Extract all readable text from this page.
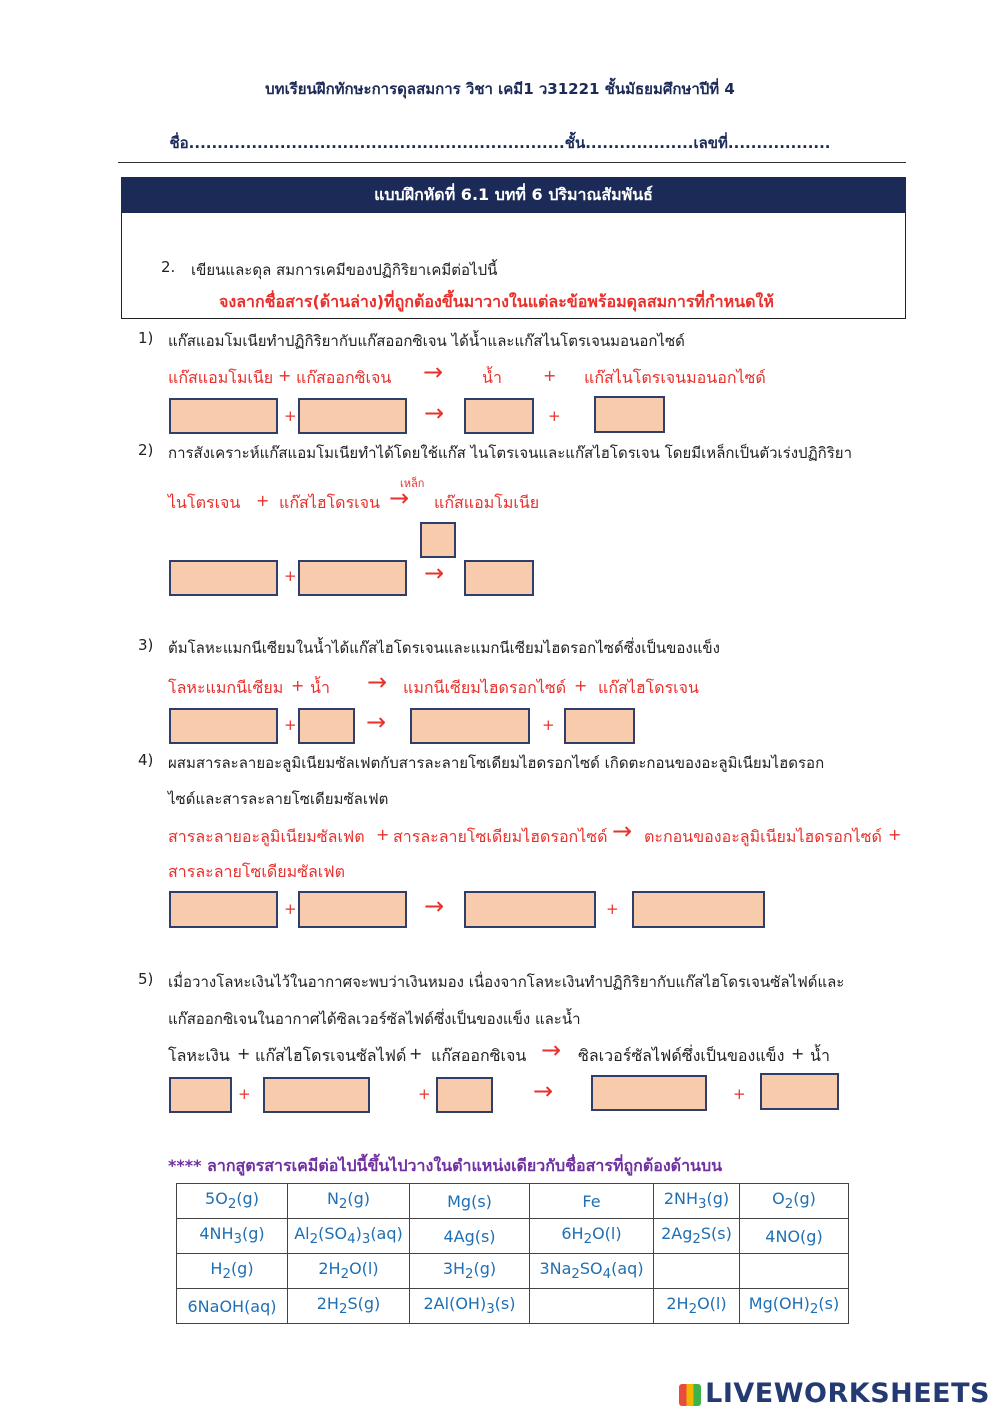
บทเรียนฝึกทักษะการดุลสมการ วิชา เคมี1 ว31221 ชั้นมัธยมศึกษาปีที่ 4
ชื่อ..................................................................ชั้น...................เลขที่..................
แบบฝึกหัดที่ 6.1 บทที่ 6 ปริมาณสัมพันธ์
2. เขียนและดุล สมการเคมีของปฏิกิริยาเคมีต่อไปนี้
จงลากชื่อสาร(ด้านล่าง)ที่ถูกต้องขึ้นมาวางในแต่ละข้อพร้อมดุลสมการที่กำหนดให้
1) แก๊สแอมโมเนียทำปฏิกิริยากับแก๊สออกซิเจน ได้น้ำและแก๊สไนโตรเจนมอนอกไซด์
แก๊สแอมโมเนีย + แก๊สออกซิเจน → น้ำ	+ แก๊สไนโตรเจนมอนอกไซด์
+	→	+
2) การสังเคราะห์แก๊สแอมโมเนียทำได้โดยใช้แก๊ส ไนโตรเจนและแก๊สไฮโดรเจน โดยมีเหล็กเป็นตัวเร่งปฏิกิริยา
เหล็ก
ไนโตรเจน + แก๊สไฮโดรเจน → แก๊สแอมโมเนีย
+	→
3) ต้มโลหะแมกนีเซียมในน้ำได้แก๊สไฮโดรเจนและแมกนีเซียมไฮดรอกไซด์ซึ่งเป็นของแข็ง
โลหะแมกนีเซียม + น้ำ → แมกนีเซียมไฮดรอกไซด์ + แก๊สไฮโดรเจน
+	→	+
4) ผสมสารละลายอะลูมิเนียมซัลเฟตกับสารละลายโซเดียมไฮดรอกไซด์ เกิดตะกอนของอะลูมิเนียมไฮดรอก
ไซด์และสารละลายโซเดียมซัลเฟต
สารละลายอะลูมิเนียมซัลเฟต + สารละลายโซเดียมไฮดรอกไซด์ → ตะกอนของอะลูมิเนียมไฮดรอกไซด์ +
สารละลายโซเดียมซัลเฟต
+	→	+
5) เมื่อวางโลหะเงินไว้ในอากาศจะพบว่าเงินหมอง เนื่องจากโลหะเงินทำปฏิกิริยากับแก๊สไฮโดรเจนซัลไฟด์และ
แก๊สออกซิเจนในอากาศได้ซิลเวอร์ซัลไฟด์ซึ่งเป็นของแข็ง และน้ำ
โลหะเงิน + แก๊สไฮโดรเจนซัลไฟด์ + แก๊สออกซิเจน → ซิลเวอร์ซัลไฟด์ซึ่งเป็นของแข็ง + น้ำ
+	+	→	+
**** ลากสูตรสารเคมีต่อไปนี้ขึ้นไปวางในตำแหน่งเดียวกับชื่อสารที่ถูกต้องด้านบน
$5O_2(g)$	$N_2(g)$	Mg(s)	Fe	$2NH_3(g)$	$O_2(g)$
$4NH_3(g)$	$Al_2(SO_4)_3(aq)$	4Ag(s)	$6H_2O(l)$	$2Ag_2S(s)$	4NO(g)
$H_2(g)$	$2H_2O(l)$	$3H_2(g)$	$3Na_2SO_4(aq)$		
6NaOH(aq)	$2H_2S(g)$	$2Al(OH)_3(s)$		$2H_2O(l)$	$Mg(OH)_2(s)$
LIVEWORKSHEETS
